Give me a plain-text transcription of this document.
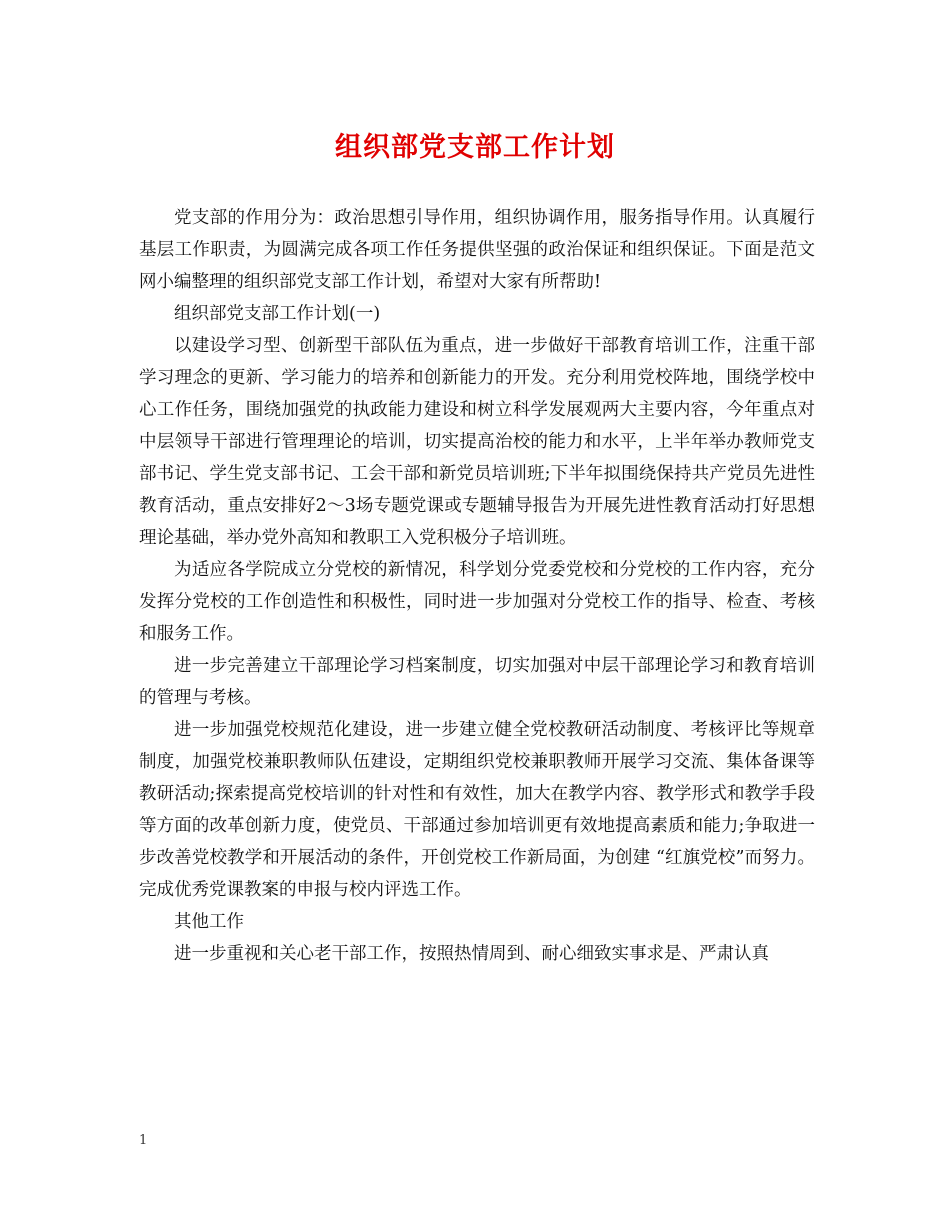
组织部党支部工作计划

党支部的作用分为：政治思想引导作用，组织协调作用，服务指导作用。认真履行基层工作职责，为圆满完成各项工作任务提供坚强的政治保证和组织保证。下面是范文网小编整理的组织部党支部工作计划，希望对大家有所帮助!

组织部党支部工作计划(一)

以建设学习型、创新型干部队伍为重点，进一步做好干部教育培训工作，注重干部学习理念的更新、学习能力的培养和创新能力的开发。充分利用党校阵地，围绕学校中心工作任务，围绕加强党的执政能力建设和树立科学发展观两大主要内容，今年重点对中层领导干部进行管理理论的培训，切实提高治校的能力和水平，上半年举办教师党支部书记、学生党支部书记、工会干部和新党员培训班;下半年拟围绕保持共产党员先进性教育活动，重点安排好2～3场专题党课或专题辅导报告为开展先进性教育活动打好思想理论基础，举办党外高知和教职工入党积极分子培训班。

为适应各学院成立分党校的新情况，科学划分党委党校和分党校的工作内容，充分发挥分党校的工作创造性和积极性，同时进一步加强对分党校工作的指导、检查、考核和服务工作。

进一步完善建立干部理论学习档案制度，切实加强对中层干部理论学习和教育培训的管理与考核。

进一步加强党校规范化建设，进一步建立健全党校教研活动制度、考核评比等规章制度，加强党校兼职教师队伍建设，定期组织党校兼职教师开展学习交流、集体备课等教研活动;探索提高党校培训的针对性和有效性，加大在教学内容、教学形式和教学手段等方面的改革创新力度，使党员、干部通过参加培训更有效地提高素质和能力;争取进一步改善党校教学和开展活动的条件，开创党校工作新局面，为创建 “红旗党校”而努力。完成优秀党课教案的申报与校内评选工作。

其他工作

进一步重视和关心老干部工作，按照热情周到、耐心细致实事求是、严肃认真

1
